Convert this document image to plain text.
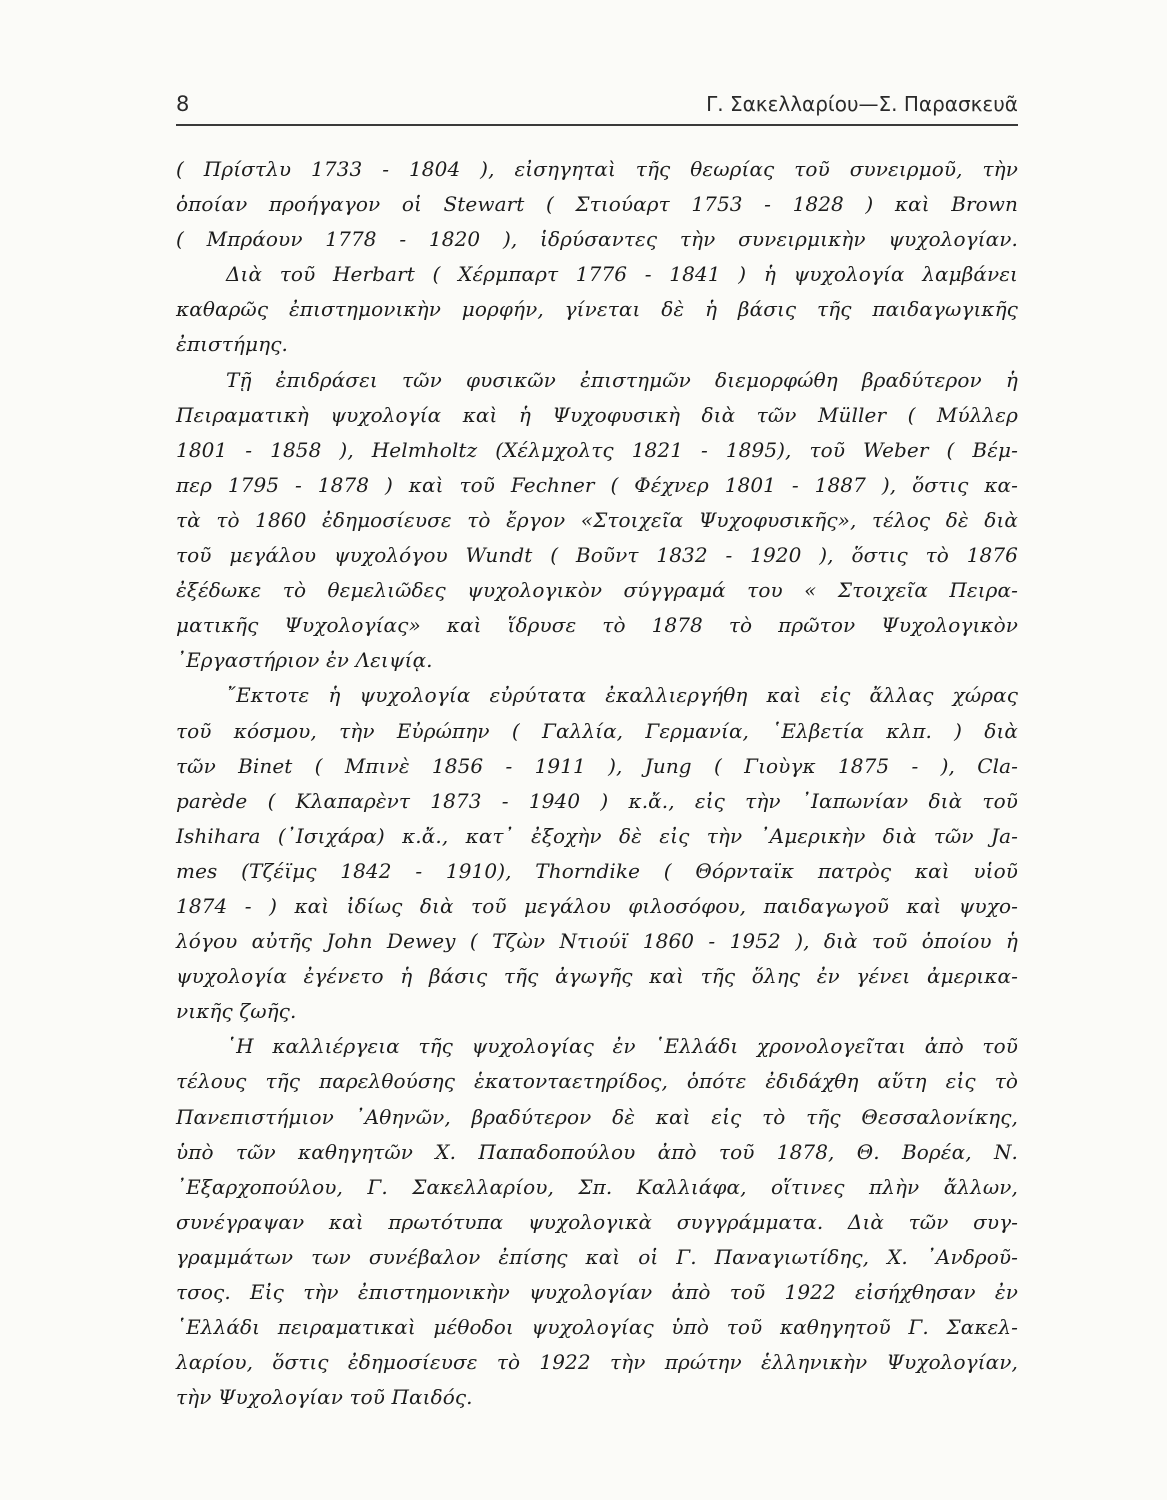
8	Γ. Σακελλαρίου—Σ. Παρασκευᾶ
( Πρίστλυ 1733 - 1804 ), εἰσηγηταὶ τῆς θεωρίας τοῦ συνειρμοῦ, τὴν
ὁποίαν προήγαγον οἱ Stewart ( Στιούαρτ 1753 - 1828 ) καὶ Brown
( Μπράουν 1778 - 1820 ), ἱδρύσαντες τὴν συνειρμικὴν ψυχολογίαν.
Διὰ τοῦ Herbart ( Χέρμπαρτ 1776 - 1841 ) ἡ ψυχολογία λαμβάνει
καθαρῶς ἐπιστημονικὴν μορφήν, γίνεται δὲ ἡ βάσις τῆς παιδαγωγικῆς
ἐπιστήμης.
Τῇ ἐπιδράσει τῶν φυσικῶν ἐπιστημῶν διεμορφώθη βραδύτερον ἡ
Πειραματικὴ ψυχολογία καὶ ἡ Ψυχοφυσικὴ διὰ τῶν Müller ( Μύλλερ
1801 - 1858 ), Helmholtz (Χέλμχολτς 1821 - 1895), τοῦ Weber ( Βέμ-
περ 1795 - 1878 ) καὶ τοῦ Fechner ( Φέχνερ 1801 - 1887 ), ὅστις κα-
τὰ τὸ 1860 ἐδημοσίευσε τὸ ἔργον «Στοιχεῖα Ψυχοφυσικῆς», τέλος δὲ διὰ
τοῦ μεγάλου ψυχολόγου Wundt ( Βοῦντ 1832 - 1920 ), ὅστις τὸ 1876
ἐξέδωκε τὸ θεμελιῶδες ψυχολογικὸν σύγγραμά του « Στοιχεῖα Πειρα-
ματικῆς Ψυχολογίας» καὶ ἵδρυσε τὸ 1878 τὸ πρῶτον Ψυχολογικὸν
᾿Εργαστήριον ἐν Λειψίᾳ.
῎Εκτοτε ἡ ψυχολογία εὐρύτατα ἐκαλλιεργήθη καὶ εἰς ἄλλας χώρας
τοῦ κόσμου, τὴν Εὐρώπην ( Γαλλία, Γερμανία, ῾Ελβετία κλπ. ) διὰ
τῶν Binet ( Μπινὲ 1856 - 1911 ), Jung ( Γιοὺγκ 1875 - ), Cla-
parède ( Κλαπαρὲντ 1873 - 1940 ) κ.ἄ., εἰς τὴν ᾿Ιαπωνίαν διὰ τοῦ
Ishihara (᾿Ισιχάρα) κ.ἄ., κατ᾿ ἐξοχὴν δὲ εἰς τὴν ᾿Αμερικὴν διὰ τῶν Ja-
mes (Τζέϊμς 1842 - 1910), Thorndike ( Θόρνταϊκ πατρὸς καὶ υἱοῦ
1874 - ) καὶ ἰδίως διὰ τοῦ μεγάλου φιλοσόφου, παιδαγωγοῦ καὶ ψυχο-
λόγου αὐτῆς John Dewey ( Τζὼν Ντιούϊ 1860 - 1952 ), διὰ τοῦ ὁποίου ἡ
ψυχολογία ἐγένετο ἡ βάσις τῆς ἀγωγῆς καὶ τῆς ὅλης ἐν γένει ἀμερικα-
νικῆς ζωῆς.
῾Η καλλιέργεια τῆς ψυχολογίας ἐν ῾Ελλάδι χρονολογεῖται ἀπὸ τοῦ
τέλους τῆς παρελθούσης ἑκατονταετηρίδος, ὁπότε ἐδιδάχθη αὕτη εἰς τὸ
Πανεπιστήμιον ᾿Αθηνῶν, βραδύτερον δὲ καὶ εἰς τὸ τῆς Θεσσαλονίκης,
ὑπὸ τῶν καθηγητῶν Χ. Παπαδοπούλου ἀπὸ τοῦ 1878, Θ. Βορέα, Ν.
᾿Εξαρχοπούλου, Γ. Σακελλαρίου, Σπ. Καλλιάφα, οἵτινες πλὴν ἄλλων,
συνέγραψαν καὶ πρωτότυπα ψυχολογικὰ συγγράμματα. Διὰ τῶν συγ-
γραμμάτων των συνέβαλον ἐπίσης καὶ οἱ Γ. Παναγιωτίδης, Χ. ᾿Ανδροῦ-
τσος. Εἰς τὴν ἐπιστημονικὴν ψυχολογίαν ἀπὸ τοῦ 1922 εἰσήχθησαν ἐν
῾Ελλάδι πειραματικαὶ μέθοδοι ψυχολογίας ὑπὸ τοῦ καθηγητοῦ Γ. Σακελ-
λαρίου, ὅστις ἐδημοσίευσε τὸ 1922 τὴν πρώτην ἑλληνικὴν Ψυχολογίαν,
τὴν Ψυχολογίαν τοῦ Παιδός.
